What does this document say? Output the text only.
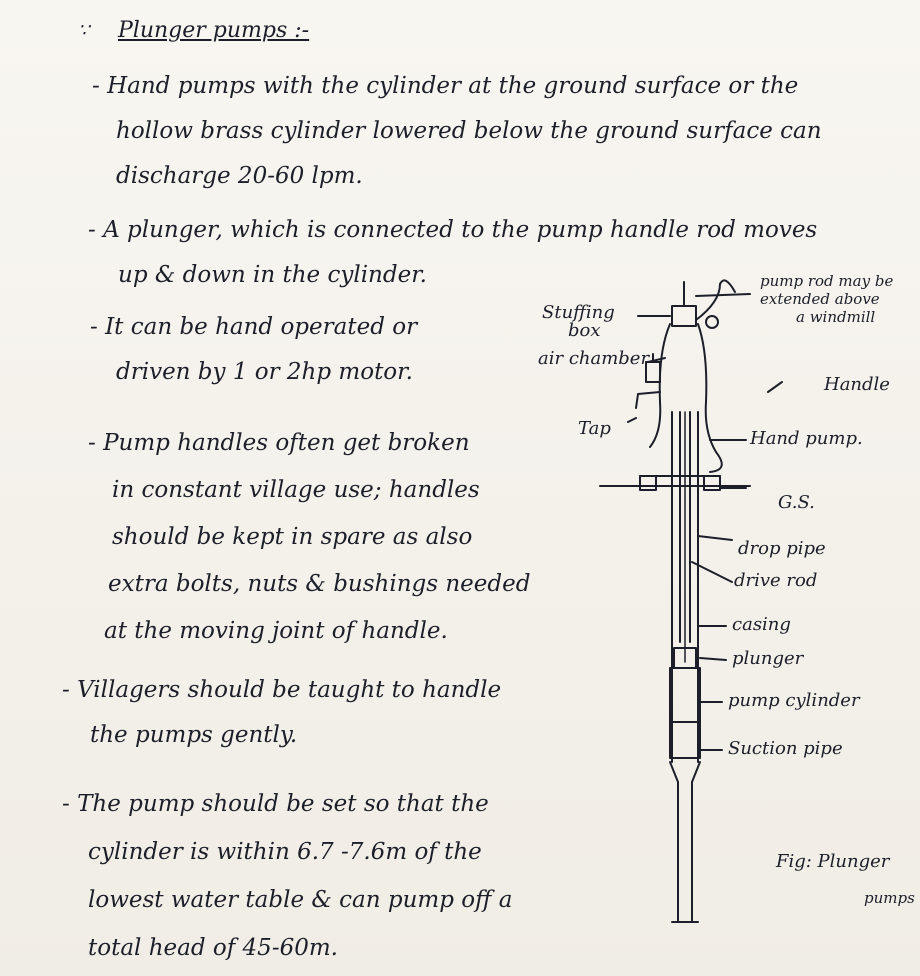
∵ Plunger pumps :-
- Hand pumps with the cylinder at the ground surface or the
hollow brass cylinder lowered below the ground surface can
discharge 20-60 lpm.
- A plunger, which is connected to the pump handle rod moves
up & down in the cylinder.
- It can be hand operated or
driven by 1 or 2hp motor.
- Pump handles often get broken
in constant village use; handles
should be kept in spare as also
extra bolts, nuts & bushings needed
at the moving joint of handle.
- Villagers should be taught to handle
the pumps gently.
- The pump should be set so that the
cylinder is within 6.7 -7.6m of the
lowest water table & can pump off a
total head of 45-60m.
pump rod may be
extended above
a windmill
Stuffing
box
air chamber
Tap
Handle
Hand pump.
G.S.
drop pipe
drive rod
casing
plunger
pump cylinder
Suction pipe
Fig: Plunger
pumps
